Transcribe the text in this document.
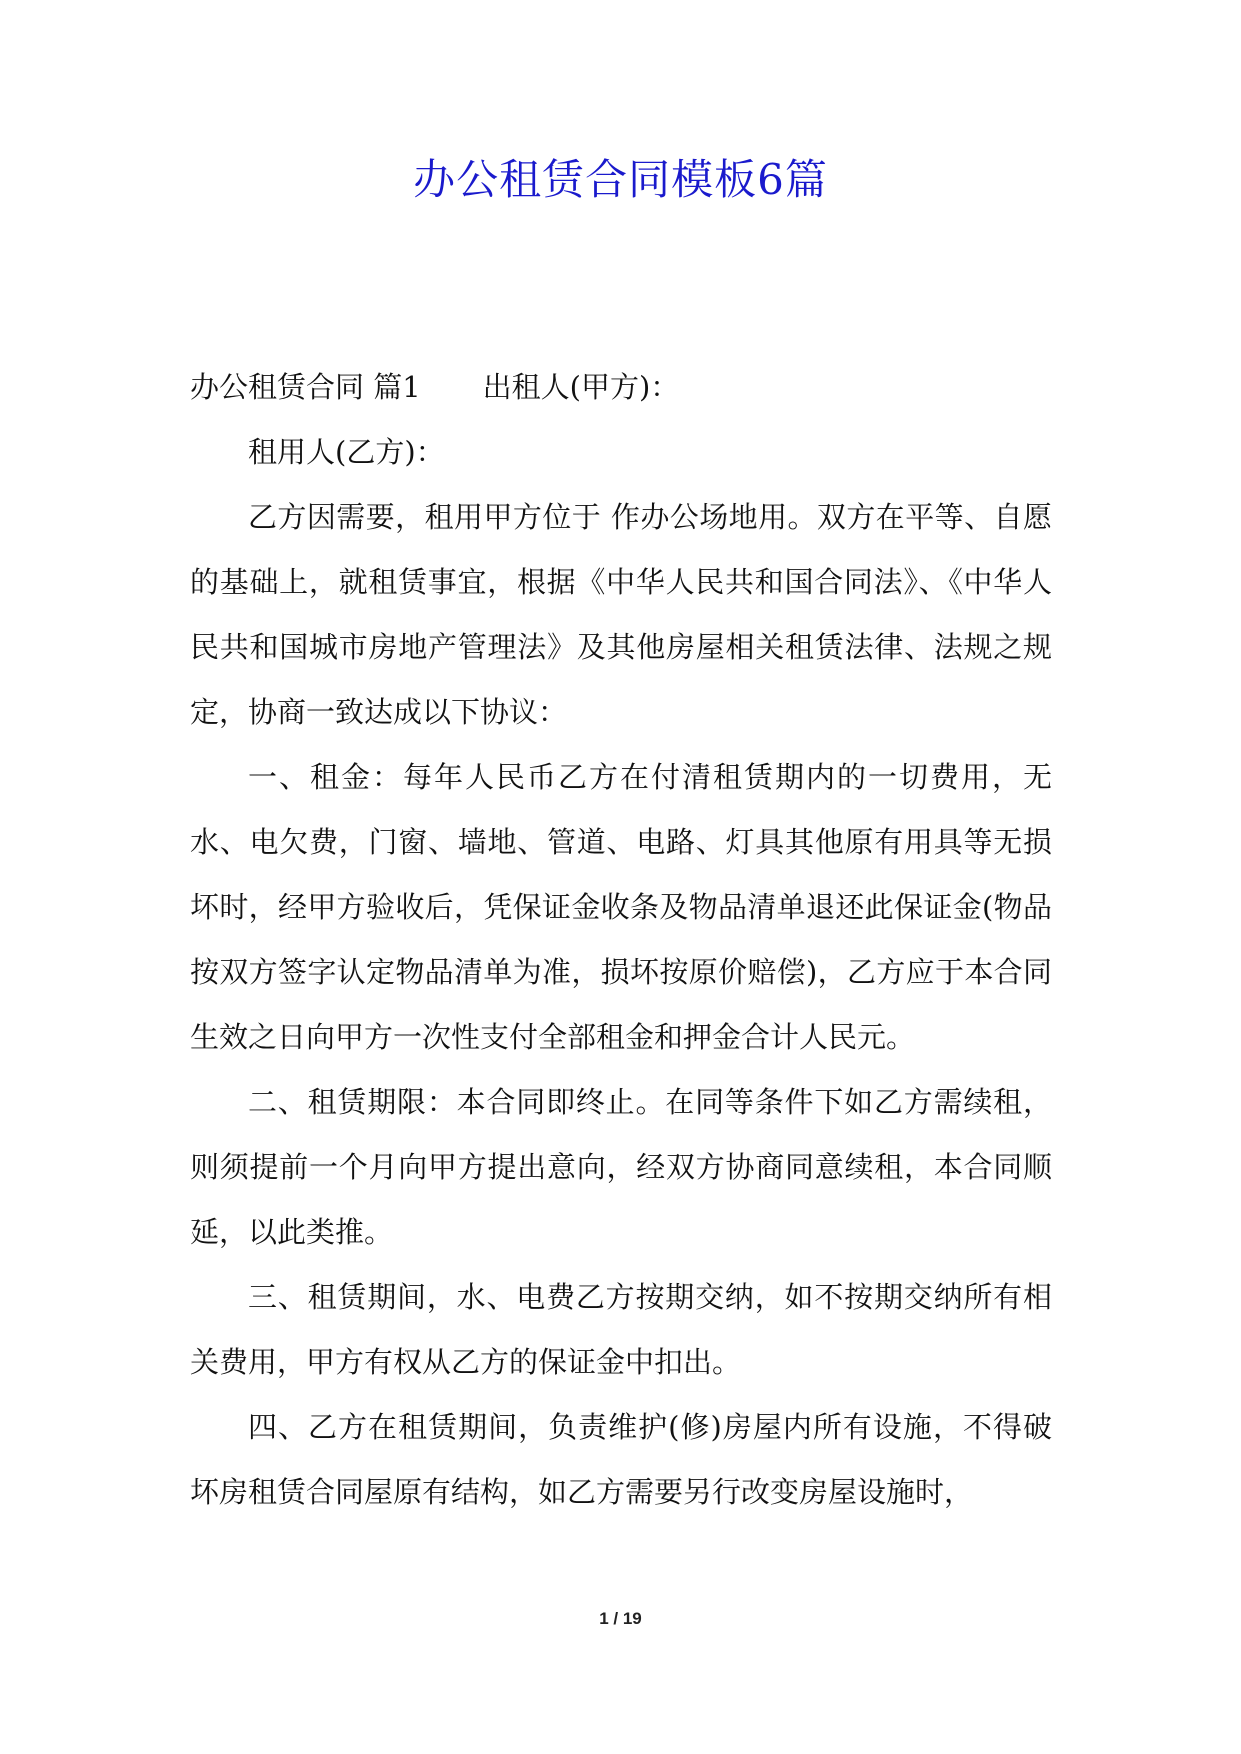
办公租赁合同模板6篇

办公租赁合同 篇1 出租人(甲方)：

租用人(乙方)：

乙方因需要，租用甲方位于 作办公场地用。双方在平等、自愿的基础上，就租赁事宜，根据《中华人民共和国合同法》、《中华人民共和国城市房地产管理法》及其他房屋相关租赁法律、法规之规定，协商一致达成以下协议：

一、租金：每年人民币乙方在付清租赁期内的一切费用，无水、电欠费，门窗、墙地、管道、电路、灯具其他原有用具等无损坏时，经甲方验收后，凭保证金收条及物品清单退还此保证金(物品按双方签字认定物品清单为准，损坏按原价赔偿)，乙方应于本合同生效之日向甲方一次性支付全部租金和押金合计人民元。

二、租赁期限：本合同即终止。在同等条件下如乙方需续租，则须提前一个月向甲方提出意向，经双方协商同意续租，本合同顺延，以此类推。

三、租赁期间，水、电费乙方按期交纳，如不按期交纳所有相关费用，甲方有权从乙方的保证金中扣出。

四、乙方在租赁期间，负责维护(修)房屋内所有设施，不得破坏房租赁合同屋原有结构，如乙方需要另行改变房屋设施时，

1 / 19
